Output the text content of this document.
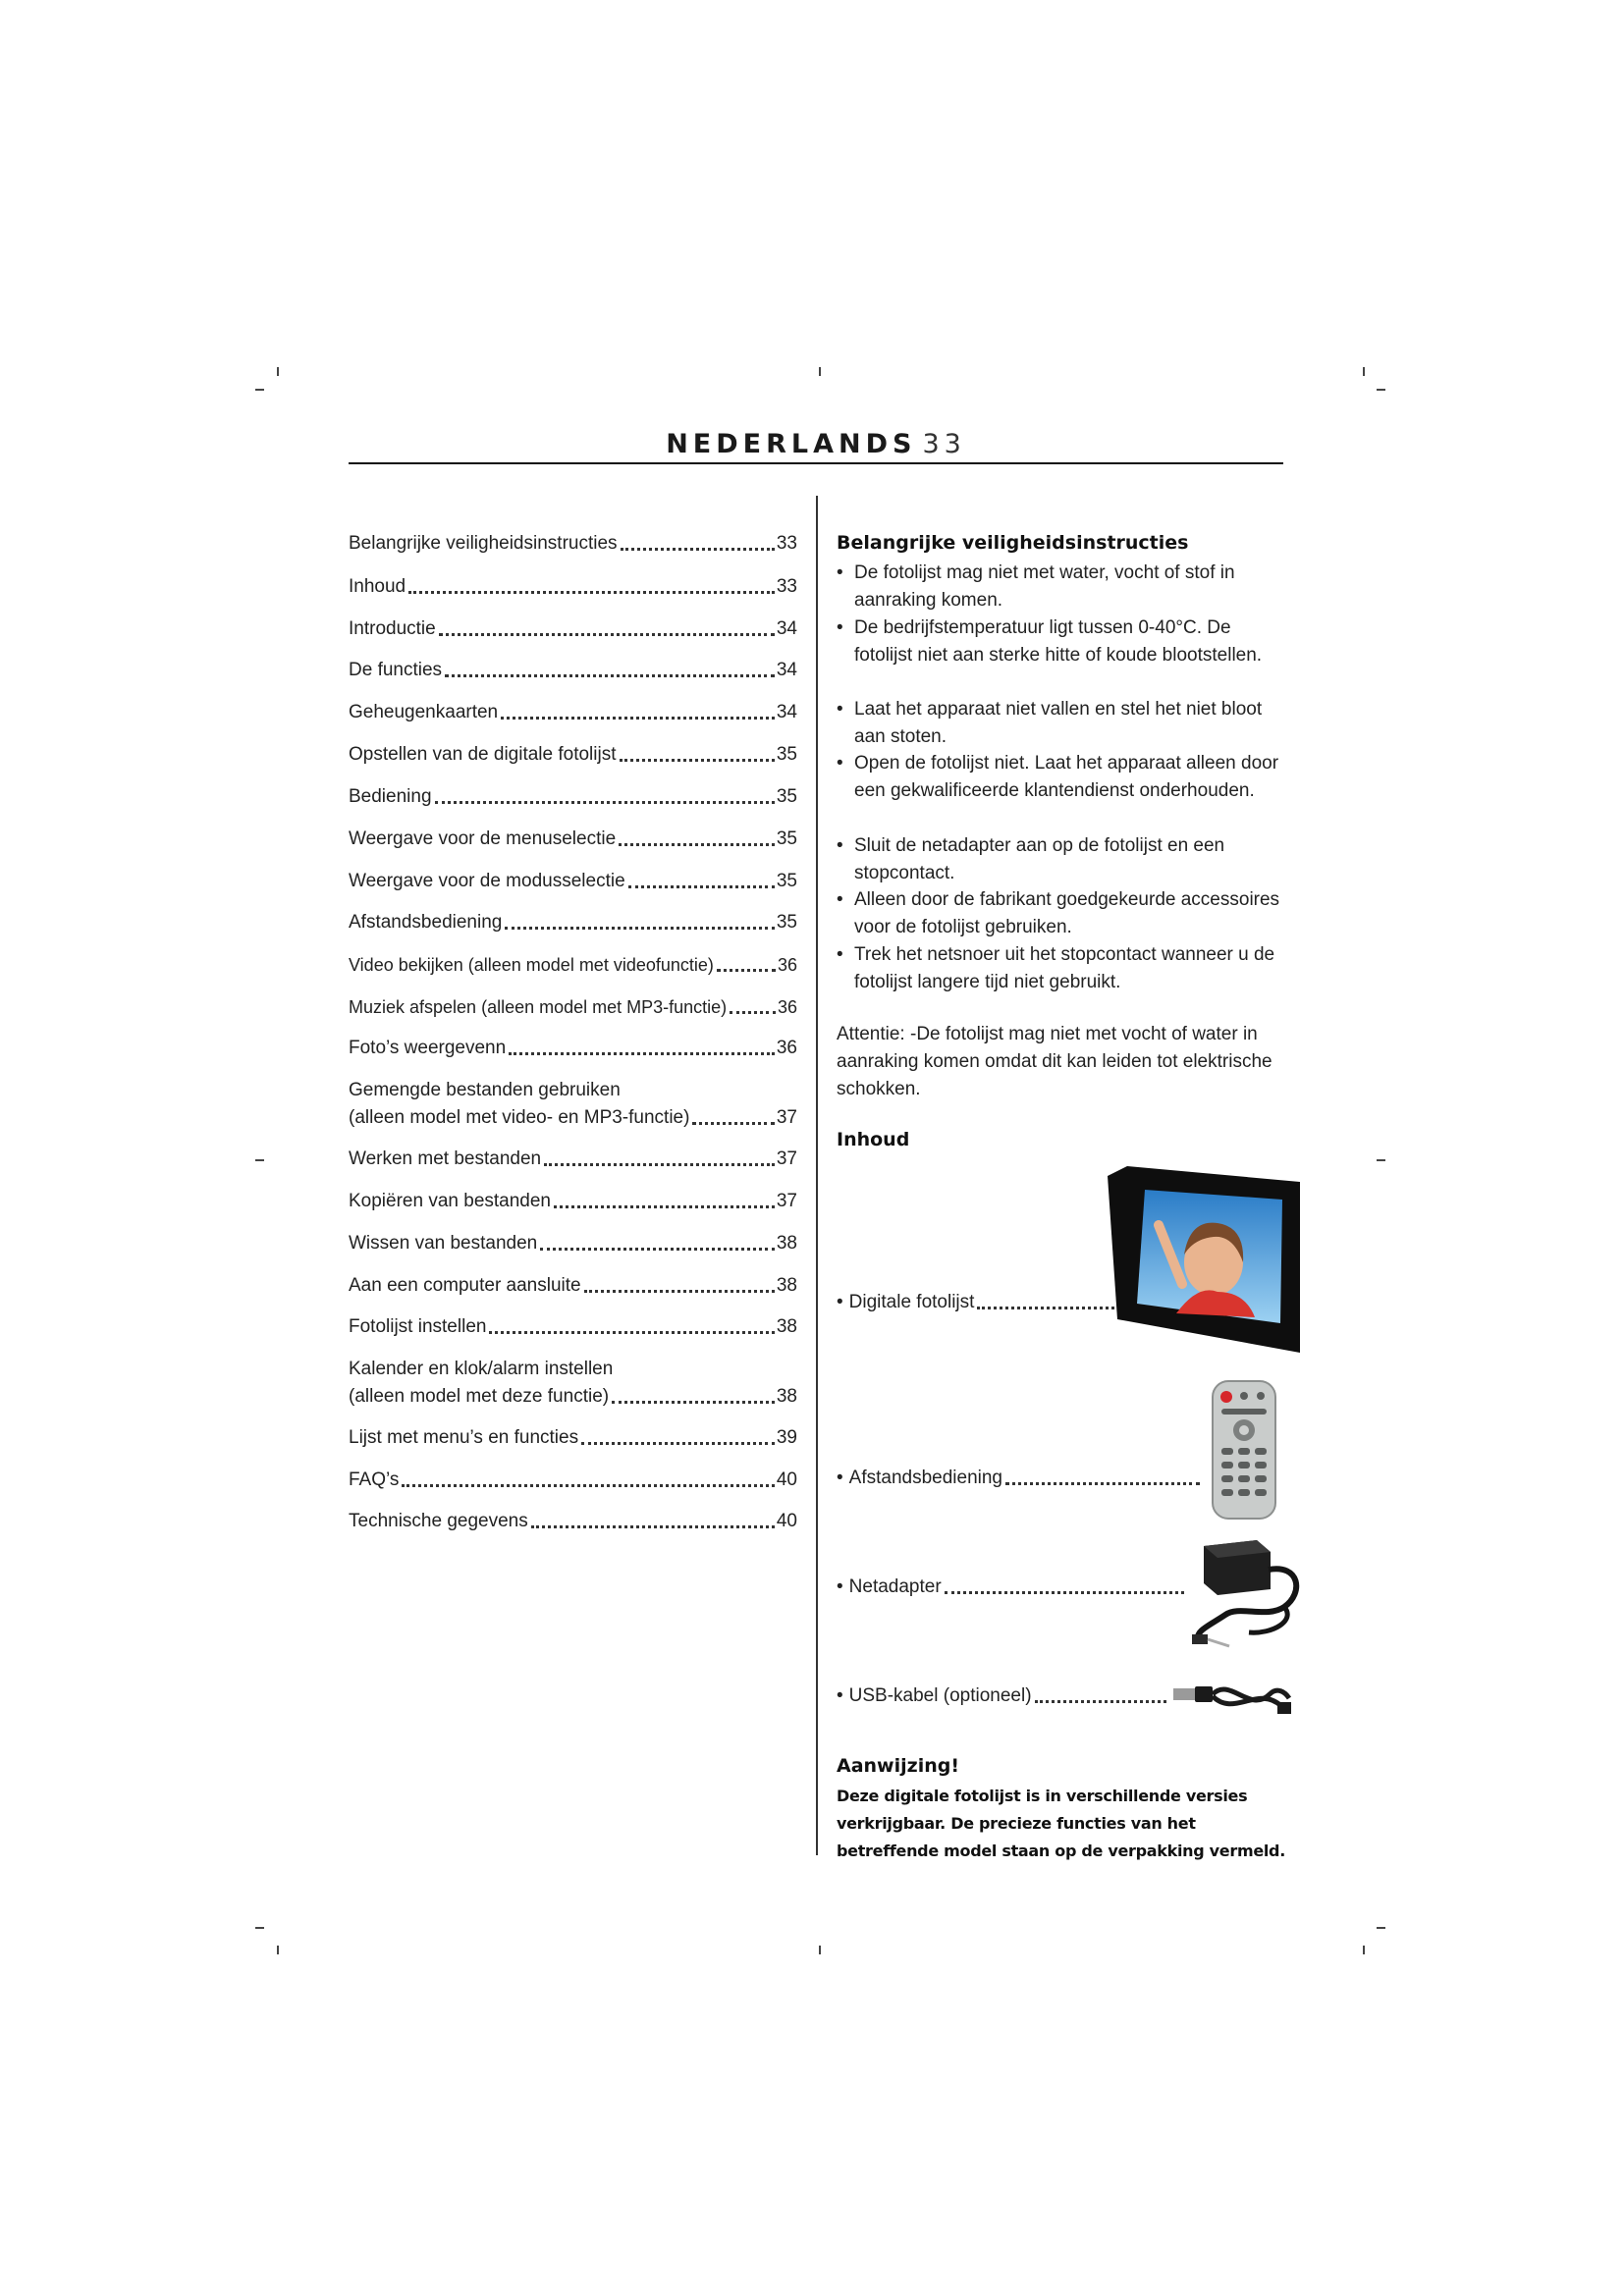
NEDERLANDS 33
Belangrijke veiligheidsinstructies	33
Inhoud	33
Introductie	34
De functies	34
Geheugenkaarten	34
Opstellen van de digitale fotolijst	35
Bediening	35
Weergave voor de menuselectie	35
Weergave voor de modusselectie	35
Afstandsbediening	35
Video bekijken (alleen model met videofunctie)	36
Muziek afspelen (alleen model met MP3-functie)	36
Foto’s weergevenn	36
Gemengde bestanden gebruiken
(alleen model met video- en MP3-functie)	37
Werken met bestanden	37
Kopiëren van bestanden	37
Wissen van bestanden	38
Aan een computer aansluite	38
Fotolijst instellen	38
Kalender en klok/alarm instellen
(alleen model met deze functie)	38
Lijst met menu’s en functies	39
FAQ’s	40
Technische gegevens	40
Belangrijke veiligheidsinstructies
• De fotolijst mag niet met water, vocht of stof in aanraking komen.
• De bedrijfstemperatuur ligt tussen 0-40°C. De fotolijst niet aan sterke hitte of koude blootstellen.
• Laat het apparaat niet vallen en stel het niet bloot aan stoten.
• Open de fotolijst niet. Laat het apparaat alleen door een gekwalificeerde klantendienst onderhouden.
• Sluit de netadapter aan op de fotolijst en een stopcontact.
• Alleen door de fabrikant goedgekeurde accessoires voor de fotolijst gebruiken.
• Trek het netsnoer uit het stopcontact wanneer u de fotolijst langere tijd niet gebruikt.
Attentie: -De fotolijst mag niet met vocht of water in aanraking komen omdat dit kan leiden tot elektrische schokken.
Inhoud
• Digitale fotolijst
• Afstandsbediening
• Netadapter
• USB-kabel (optioneel)
Aanwijzing!
Deze digitale fotolijst is in verschillende versies verkrijgbaar. De precieze functies van het betreffende model staan op de verpakking vermeld.
